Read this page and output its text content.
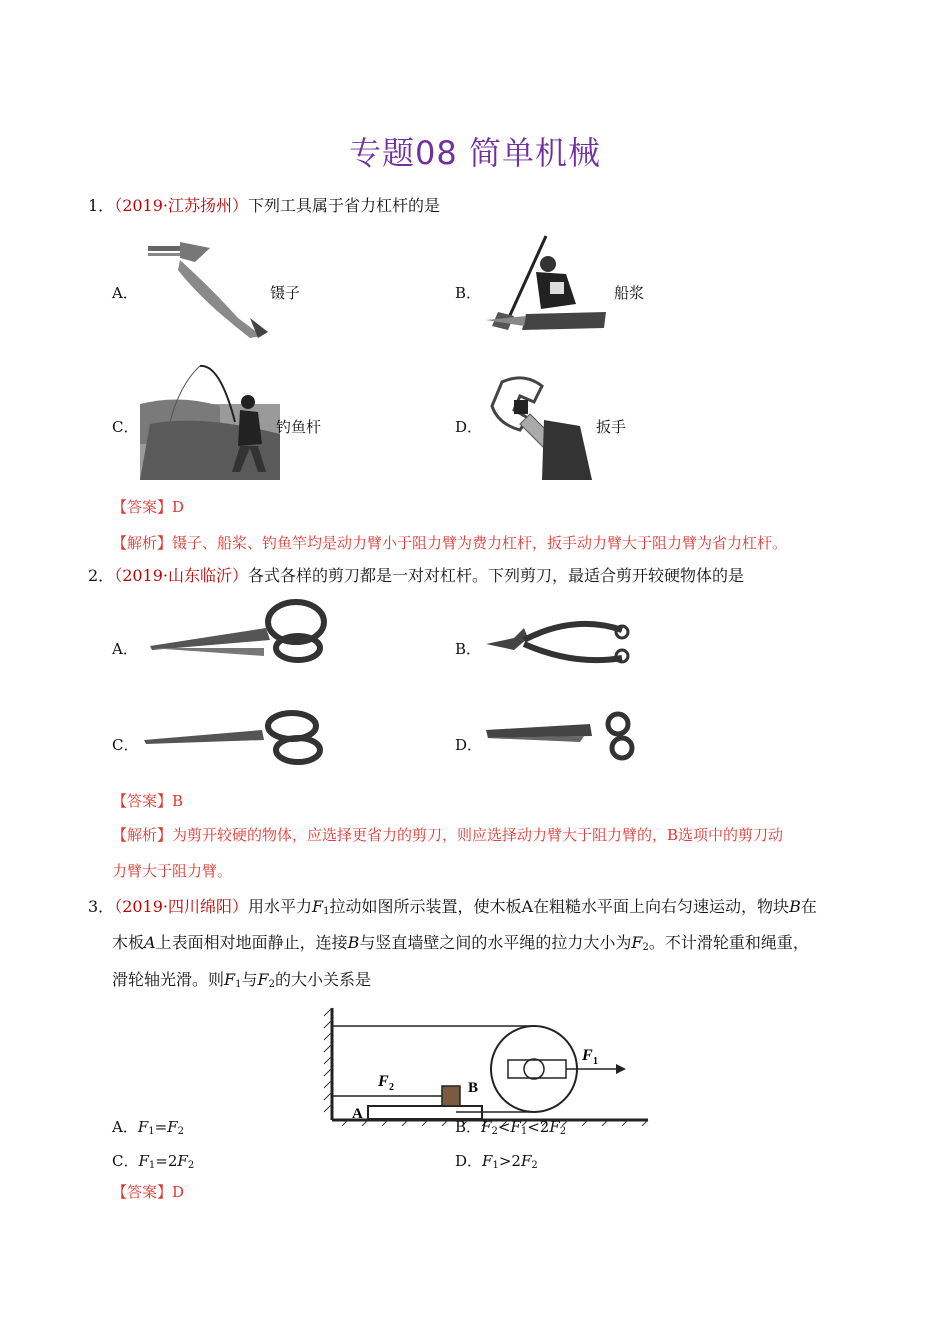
专题08 简单机械
1．（2019·江苏扬州）下列工具属于省力杠杆的是
A．	镊子	B．	船浆
C．	钓鱼杆	D．	扳手
【答案】D
【解析】镊子、船桨、钓鱼竿均是动力臂小于阻力臂为费力杠杆，扳手动力臂大于阻力臂为省力杠杆。
2．（2019·山东临沂）各式各样的剪刀都是一对对杠杆。下列剪刀，最适合剪开较硬物体的是
A．	B．
C．	D．
【答案】B
【解析】为剪开较硬的物体，应选择更省力的剪刀，则应选择动力臂大于阻力臂的，B选项中的剪刀动
力臂大于阻力臂。
3．（2019·四川绵阳）用水平力$F_1$拉动如图所示装置，使木板A在粗糙水平面上向右匀速运动，物块B在
木板A上表面相对地面静止，连接B与竖直墙壁之间的水平绳的拉力大小为$F_2$。不计滑轮重和绳重，
滑轮轴光滑。则$F_1$与$F_2$的大小关系是
F 2	B
A
F 1
A．$F_1=F_2$	B．$F_2<F_1<2F_2$
C．$F_1=2F_2$	D．$F_1>2F_2$
【答案】D
